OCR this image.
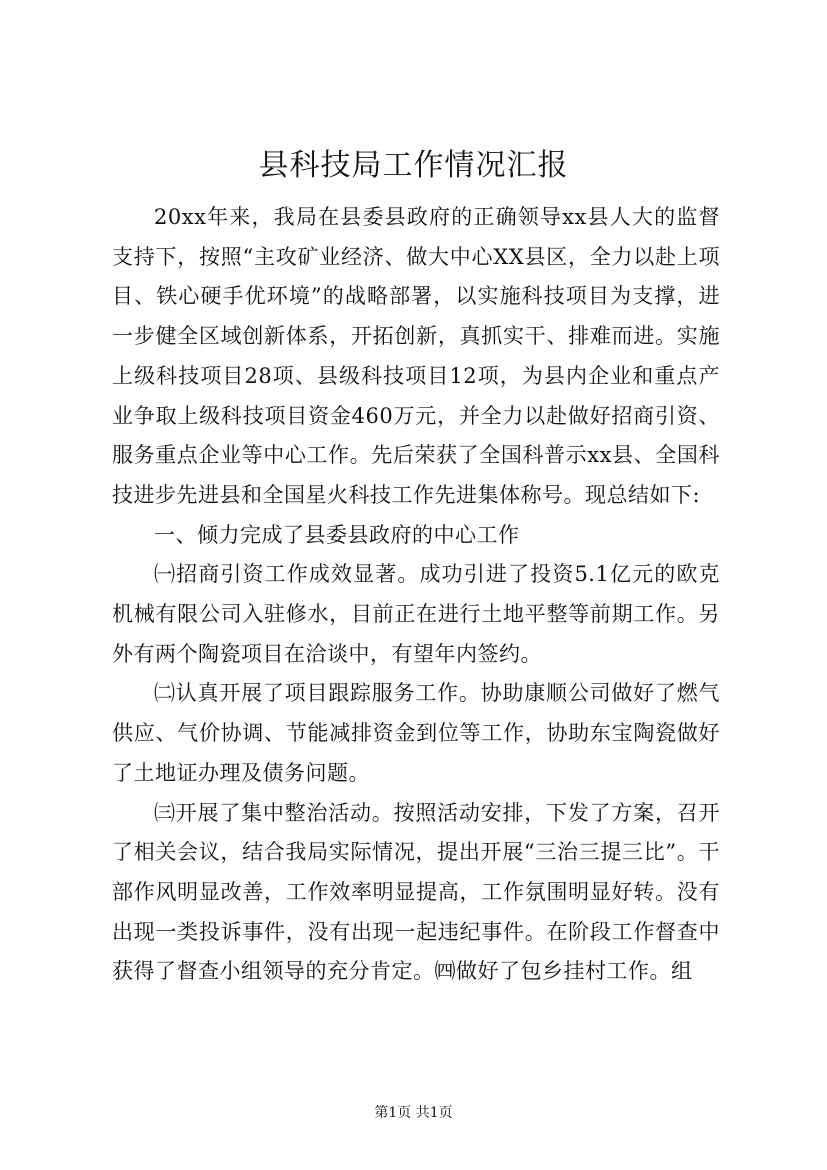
县科技局工作情况汇报

20xx年来，我局在县委县政府的正确领导xx县人大的监督支持下，按照“主攻矿业经济、做大中心XX县区，全力以赴上项目、铁心硬手优环境”的战略部署，以实施科技项目为支撑，进一步健全区域创新体系，开拓创新，真抓实干、排难而进。实施上级科技项目28项、县级科技项目12项，为县内企业和重点产业争取上级科技项目资金460万元，并全力以赴做好招商引资、服务重点企业等中心工作。先后荣获了全国科普示xx县、全国科技进步先进县和全国星火科技工作先进集体称号。现总结如下:

一、倾力完成了县委县政府的中心工作

㈠招商引资工作成效显著。成功引进了投资5.1亿元的欧克机械有限公司入驻修水，目前正在进行土地平整等前期工作。另外有两个陶瓷项目在洽谈中，有望年内签约。

㈡认真开展了项目跟踪服务工作。协助康顺公司做好了燃气供应、气价协调、节能减排资金到位等工作，协助东宝陶瓷做好了土地证办理及债务问题。

㈢开展了集中整治活动。按照活动安排，下发了方案，召开了相关会议，结合我局实际情况，提出开展“三治三提三比”。干部作风明显改善，工作效率明显提高，工作氛围明显好转。没有出现一类投诉事件，没有出现一起违纪事件。在阶段工作督查中获得了督查小组领导的充分肯定。㈣做好了包乡挂村工作。组

第1页 共1页
